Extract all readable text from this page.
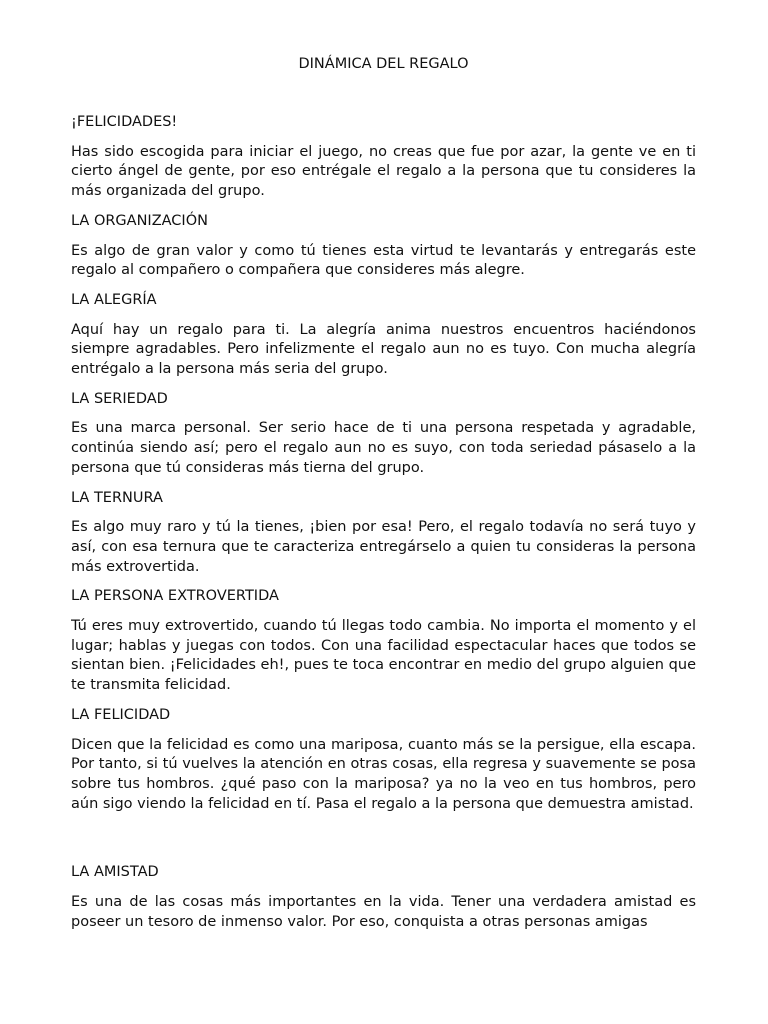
DINÁMICA DEL REGALO
¡FELICIDADES!

Has sido escogida para iniciar el juego, no creas que fue por azar, la gente ve en ti cierto ángel de gente, por eso entrégale el regalo a la persona que tu consideres la más organizada del grupo.

LA ORGANIZACIÓN

Es algo de gran valor y como tú tienes esta virtud te levantarás y entregarás este regalo al compañero o compañera que consideres más alegre.

LA ALEGRÍA

Aquí hay un regalo para ti. La alegría anima nuestros encuentros haciéndonos siempre agradables. Pero infelizmente el regalo aun no es tuyo. Con mucha alegría entrégalo a la persona más seria del grupo.

LA SERIEDAD

Es una marca personal. Ser serio hace de ti una persona respetada y agradable, continúa siendo así; pero el regalo aun no es suyo, con toda seriedad pásaselo a la persona que tú consideras más tierna del grupo.

LA TERNURA

Es algo muy raro y tú la tienes, ¡bien por esa! Pero, el regalo todavía no será tuyo y así, con esa ternura que te caracteriza entregárselo a quien tu consideras la persona más extrovertida.

LA PERSONA EXTROVERTIDA

Tú eres muy extrovertido, cuando tú llegas todo cambia. No importa el momento y el lugar; hablas y juegas con todos. Con una facilidad espectacular haces que todos se sientan bien. ¡Felicidades eh!, pues te toca encontrar en medio del grupo alguien que te transmita felicidad.

LA FELICIDAD

Dicen que la felicidad es como una mariposa, cuanto más se la persigue, ella escapa. Por tanto, si tú vuelves la atención en otras cosas, ella regresa y suavemente se posa sobre tus hombros. ¿qué paso con la mariposa? ya no la veo en tus hombros, pero aún sigo viendo la felicidad en tí. Pasa el regalo a la persona que demuestra amistad.

LA AMISTAD

Es una de las cosas más importantes en la vida. Tener una verdadera amistad es poseer un tesoro de inmenso valor. Por eso, conquista a otras personas amigas
